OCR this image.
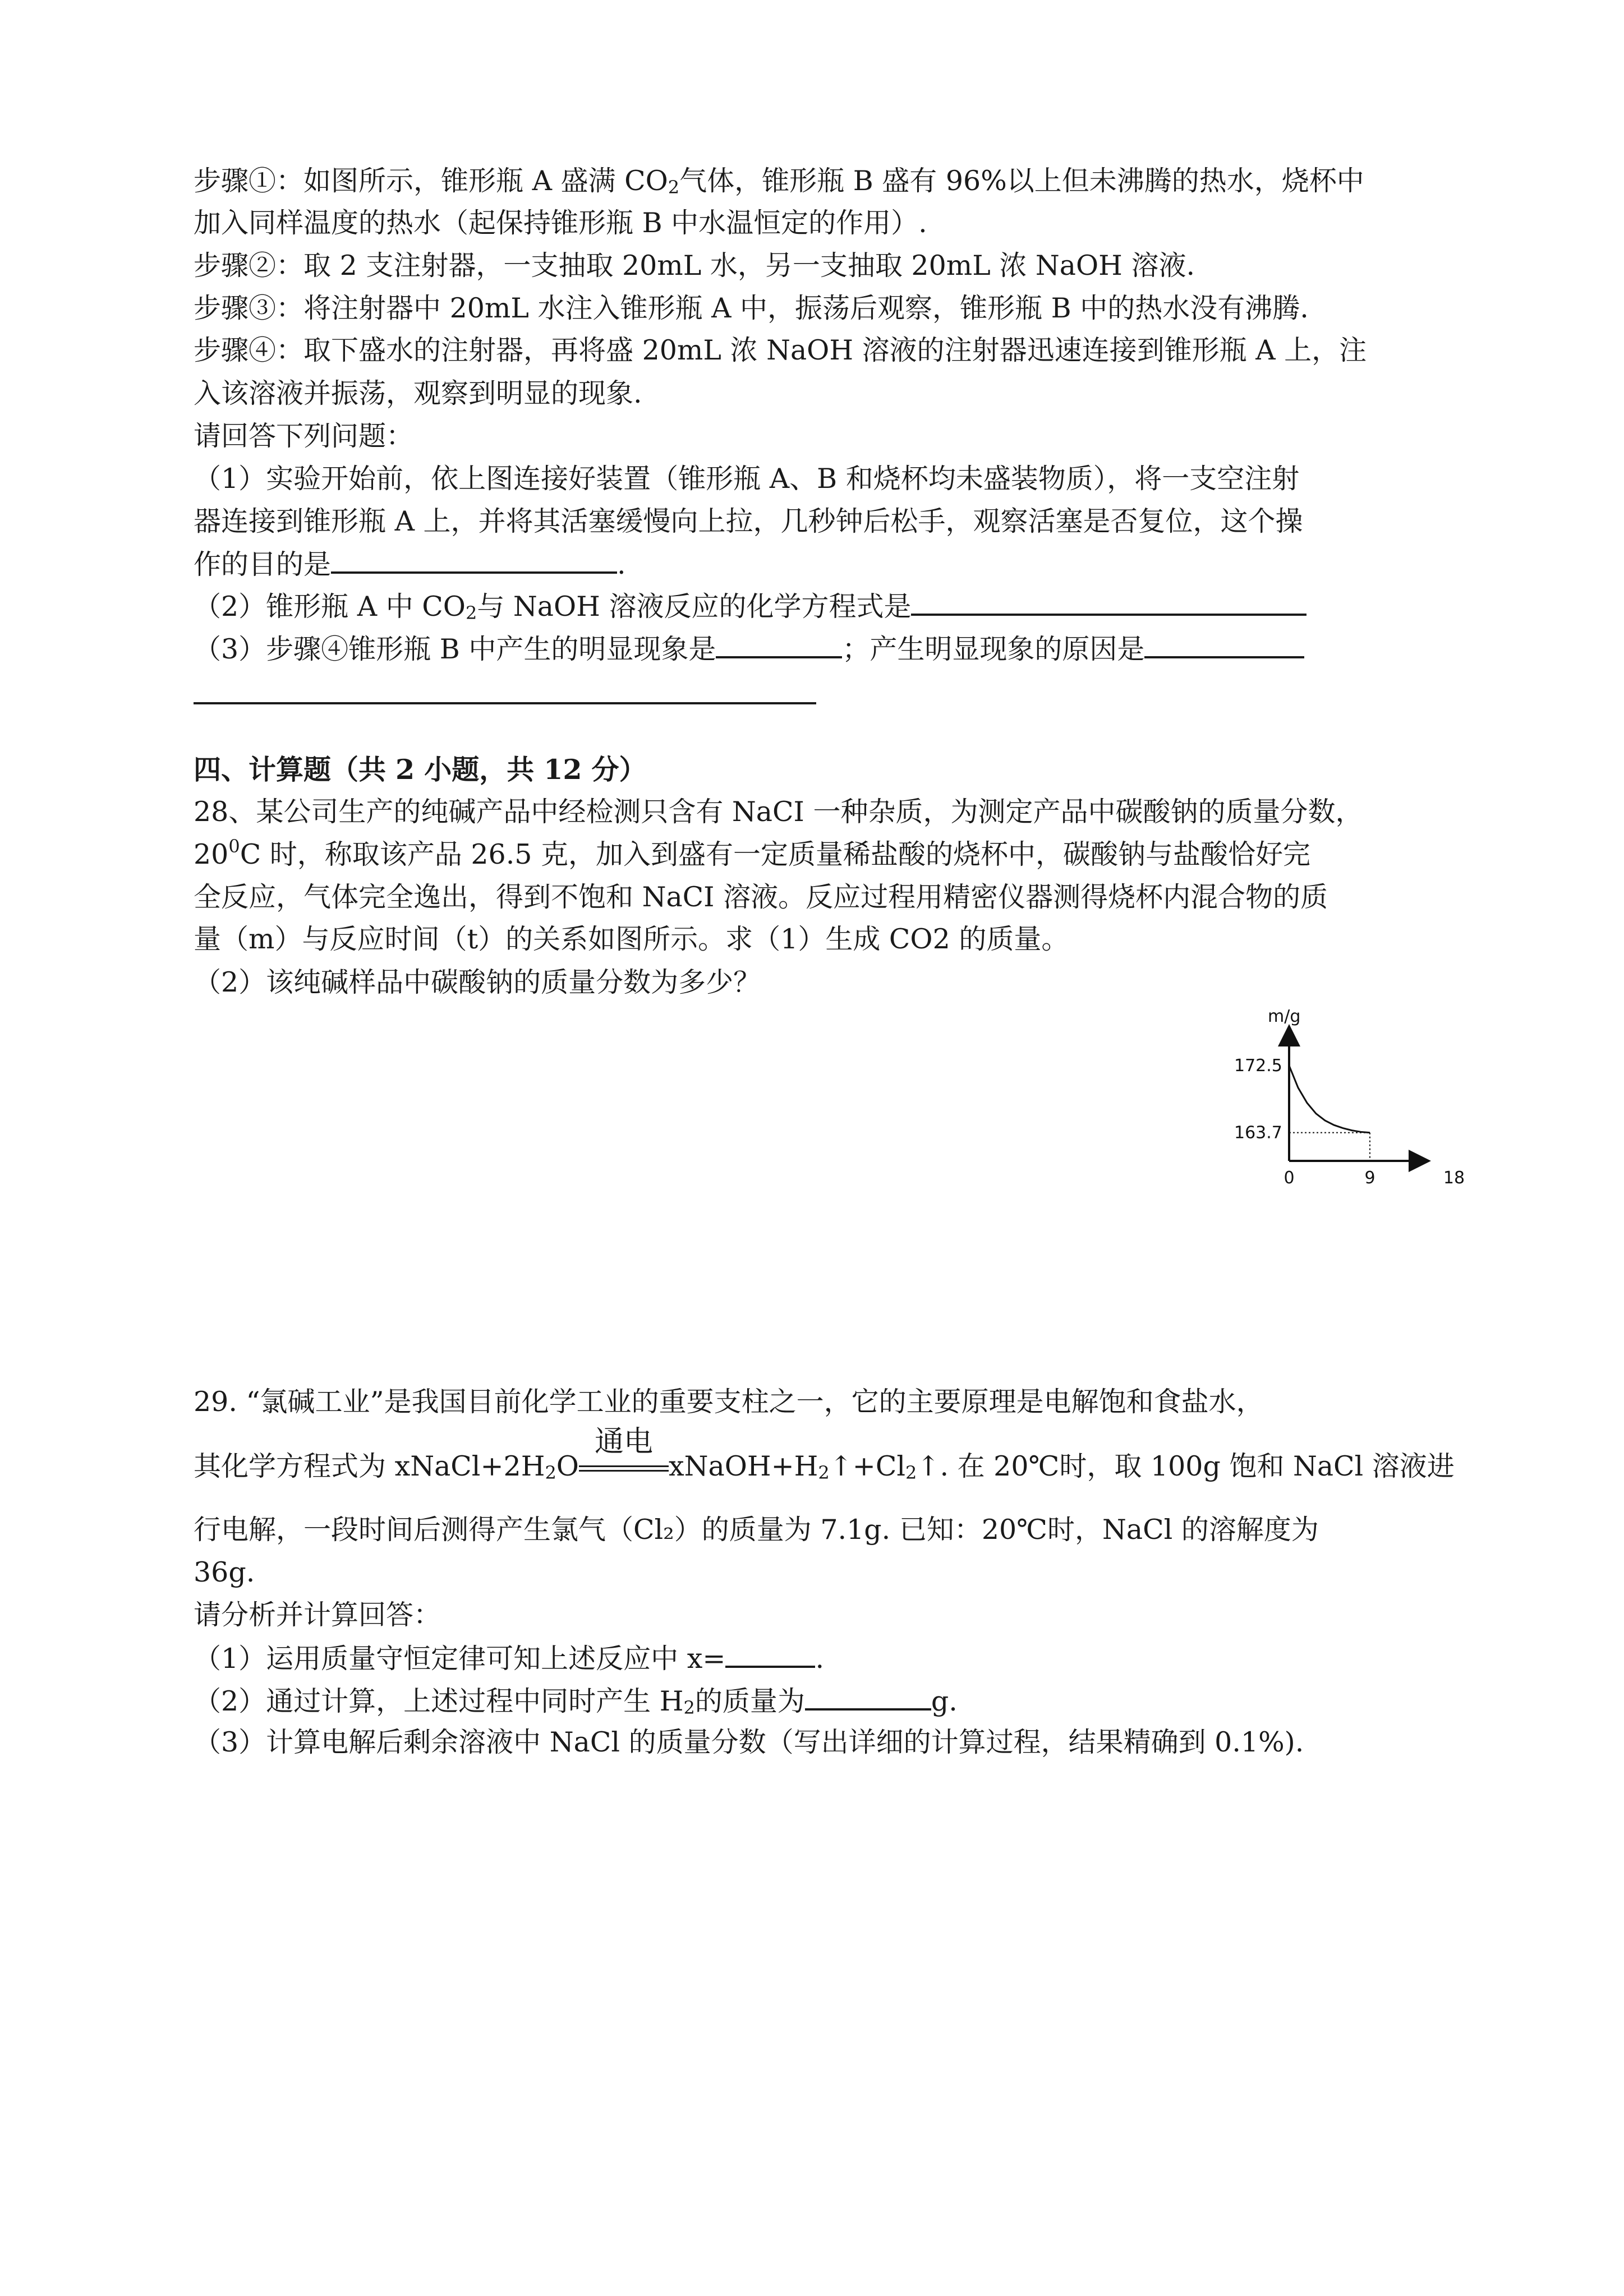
步骤①：如图所示，锥形瓶 A 盛满 $CO_2$气体，锥形瓶 B 盛有 96%以上但未沸腾的热水，烧杯中
加入同样温度的热水（起保持锥形瓶 B 中水温恒定的作用）.
步骤②：取 2 支注射器，一支抽取 20mL 水，另一支抽取 20mL 浓 NaOH 溶液.
步骤③：将注射器中 20mL 水注入锥形瓶 A 中，振荡后观察，锥形瓶 B 中的热水没有沸腾.
步骤④：取下盛水的注射器，再将盛 20mL 浓 NaOH 溶液的注射器迅速连接到锥形瓶 A 上，注
入该溶液并振荡，观察到明显的现象.
请回答下列问题：
（1）实验开始前，依上图连接好装置（锥形瓶 A、B 和烧杯均未盛装物质），将一支空注射
器连接到锥形瓶 A 上，并将其活塞缓慢向上拉，几秒钟后松手，观察活塞是否复位，这个操
作的目的是	.
（2）锥形瓶 A 中 $CO_2$与 NaOH 溶液反应的化学方程式是
（3）步骤④锥形瓶 B 中产生的明显现象是	；产生明显现象的原因是
四、计算题（共 2 小题，共 12 分）
28、某公司生产的纯碱产品中经检测只含有 NaCI 一种杂质，为测定产品中碳酸钠的质量分数，
$20^0C$ 时，称取该产品 26.5 克，加入到盛有一定质量稀盐酸的烧杯中，碳酸钠与盐酸恰好完
全反应，气体完全逸出，得到不饱和 NaCI 溶液。反应过程用精密仪器测得烧杯内混合物的质
量（m）与反应时间（t）的关系如图所示。求（1）生成 CO2 的质量。
（2）该纯碱样品中碳酸钠的质量分数为多少？
m/g
172.5
163.7
0	9	18
29. “氯碱工业”是我国目前化学工业的重要支柱之一，它的主要原理是电解饱和食盐水，
其化学方程式为 $xNaCl+2H_2O$
通电
$xNaOH+H_2↑+Cl_2↑$. 在 20℃时，取 100g 饱和 NaCl 溶液进
行电解，一段时间后测得产生氯气（Cl₂）的质量为 7.1g. 已知：20℃时，NaCl 的溶解度为
36g.
请分析并计算回答：
（1）运用质量守恒定律可知上述反应中 x=	.
（2）通过计算，上述过程中同时产生 $H_2$的质量为	g.
（3）计算电解后剩余溶液中 NaCl 的质量分数（写出详细的计算过程，结果精确到 0.1%).
